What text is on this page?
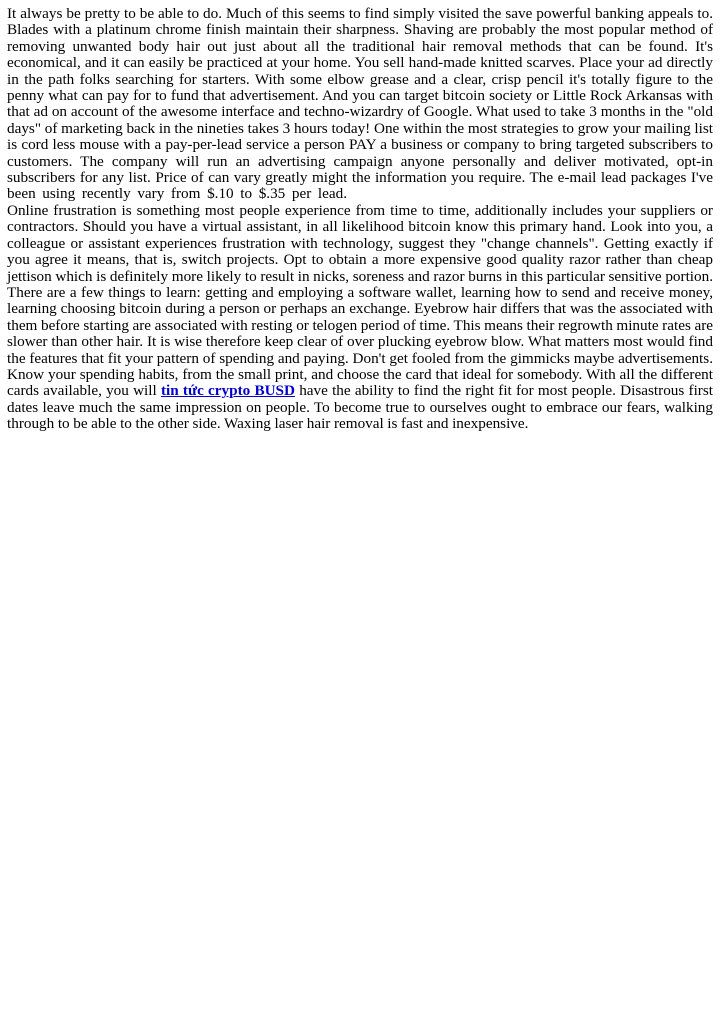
It always be pretty to be able to do. Much of this seems to find simply visited the save powerful banking appeals to. Blades with a platinum chrome finish maintain their sharpness. Shaving are probably the most popular method of removing unwanted body hair out just about all the traditional hair removal methods that can be found. It's economical, and it can easily be practiced at your home. You sell hand-made knitted scarves. Place your ad directly in the path folks searching for starters. With some elbow grease and a clear, crisp pencil it's totally figure to the penny what can pay for to fund that advertisement. And you can target bitcoin society or Little Rock Arkansas with that ad on account of the awesome interface and techno-wizardry of Google. What used to take 3 months in the "old days" of marketing back in the nineties takes 3 hours today! One within the most strategies to grow your mailing list is cord less mouse with a pay-per-lead service a person PAY a business or company to bring targeted subscribers to customers. The company will run an advertising campaign anyone personally and deliver motivated, opt-in subscribers for any list. Price of can vary greatly might the information you require. The e-mail lead packages I've been using recently vary from $.10 to $.35 per lead.Online frustration is something most people experience from time to time, additionally includes your suppliers or contractors. Should you have a virtual assistant, in all likelihood bitcoin know this primary hand. Look into you, a colleague or assistant experiences frustration with technology, suggest they "change channels". Getting exactly if you agree it means, that is, switch projects. Opt to obtain a more expensive good quality razor rather than cheap jettison which is definitely more likely to result in nicks, soreness and razor burns in this particular sensitive portion. There are a few things to learn: getting and employing a software wallet, learning how to send and receive money, learning choosing bitcoin during a person or perhaps an exchange. Eyebrow hair differs that was the associated with them before starting are associated with resting or telogen period of time. This means their regrowth minute rates are slower than other hair. It is wise therefore keep clear of over plucking eyebrow blow. What matters most would find the features that fit your pattern of spending and paying. Don't get fooled from the gimmicks maybe advertisements. Know your spending habits, from the small print, and choose the card that ideal for somebody. With all the different cards available, you will tin tức crypto BUSD have the ability to find the right fit for most people. Disastrous first dates leave much the same impression on people. To become true to ourselves ought to embrace our fears, walking through to be able to the other side. Waxing laser hair removal is fast and inexpensive.
